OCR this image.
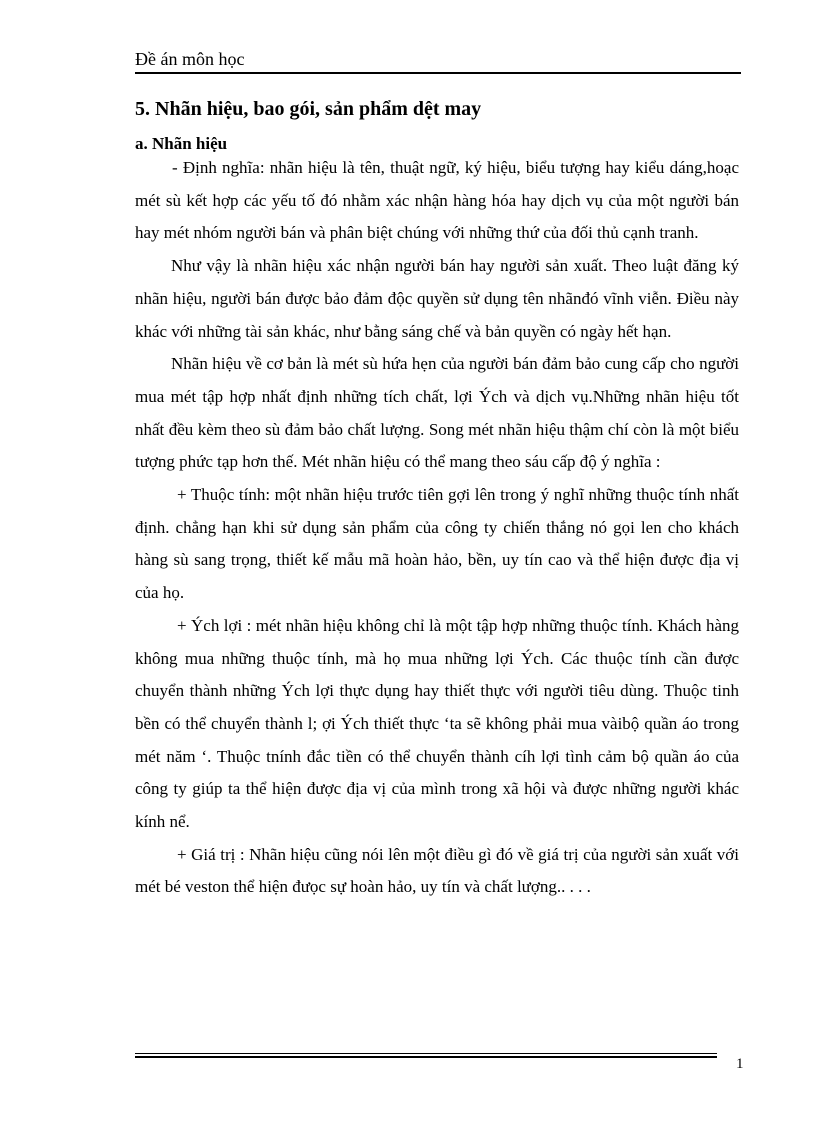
Đề án môn học
5. Nhãn hiệu, bao gói, sản phẩm dệt may
a. Nhãn hiệu

- Định nghĩa: nhãn hiệu là tên, thuật ngữ, ký hiệu, biểu tượng hay kiểu dáng,hoạc mét sù kết hợp các yếu tố đó nhằm xác nhận hàng hóa hay dịch vụ của một người bán hay mét nhóm người bán và phân biệt chúng với những thứ của đối thủ cạnh tranh.

Như vậy là nhãn hiệu xác nhận người bán hay người sản xuất. Theo luật đăng ký nhãn hiệu, người bán được bảo đảm độc quyền sử dụng tên nhãnđó vĩnh viễn. Điều này khác với những tài sản khác, như bằng sáng chế và bản quyền có ngày hết hạn.

Nhãn hiệu về cơ bản là mét sù hứa hẹn của người bán đảm bảo cung cấp cho người mua mét tập hợp nhất định những tích chất, lợi Ých và dịch vụ.Những nhãn hiệu tốt nhất đều kèm theo sù đảm bảo chất lượng. Song mét nhãn hiệu thậm chí còn là một biểu tượng phức tạp hơn thế. Mét nhãn hiệu có thể mang theo sáu cấp độ ý nghĩa :

+ Thuộc tính: một nhãn hiệu trước tiên gợi lên trong ý nghĩ những thuộc tính nhất định. chẳng hạn khi sử dụng sản phẩm của công ty chiến thắng nó gọi len cho khách hàng sù sang trọng, thiết kế mẫu mã hoàn hảo, bền, uy tín cao và thể hiện được địa vị của họ.

+ Ých lợi : mét nhãn hiệu không chỉ là một tập hợp những thuộc tính. Khách hàng không mua những thuộc tính, mà họ mua những lợi Ých. Các thuộc tính cần được chuyển thành những Ých lợi thực dụng hay thiết thực với người tiêu dùng. Thuộc tinh bền có thể chuyển thành l; ợi Ých thiết thực ‘ta sẽ không phải mua vàibộ quần áo trong mét năm ‘. Thuộc tnính đắc tiền có thể chuyển thành cíh lợi tình cảm bộ quần áo của công ty giúp ta thể hiện được địa vị của mình trong xã hội và được những người khác kính nể.

+ Giá trị : Nhãn hiệu cũng nói lên một điều gì đó về giá trị của người sản xuất với mét bé veston thể hiện đưọc sự hoàn hảo, uy tín và chất lượng.. . . .

1
